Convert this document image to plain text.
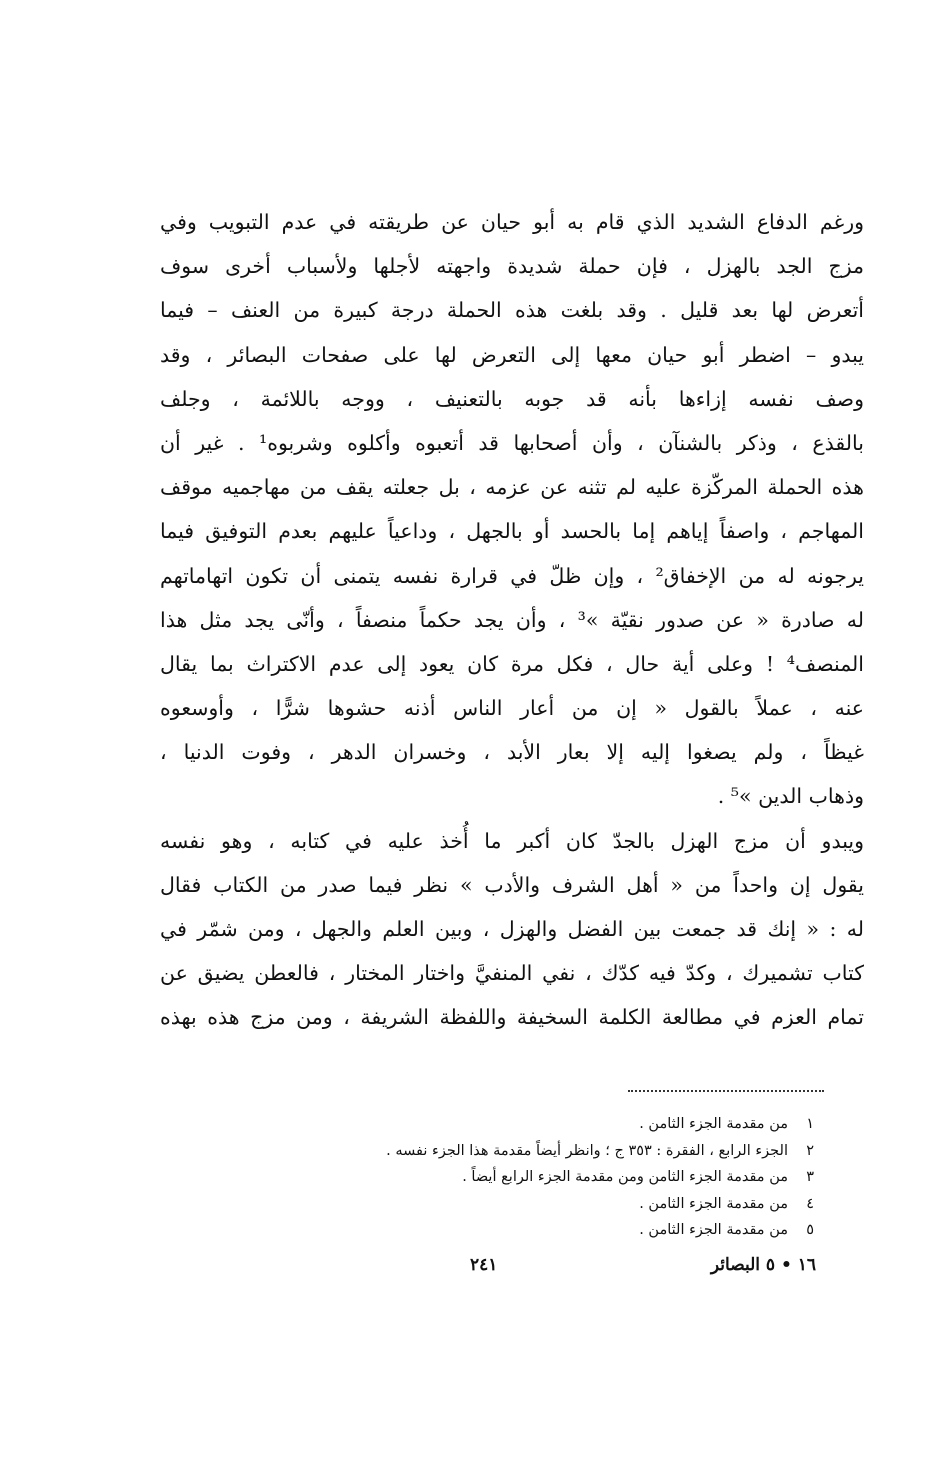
ورغم الدفاع الشديد الذي قام به أبو حيان عن طريقته في عدم التبويب وفي
مزج الجد بالهزل ، فإن حملة شديدة واجهته لأجلها ولأسباب أخرى سوف
أتعرض لها بعد قليل . وقد بلغت هذه الحملة درجة كبيرة من العنف – فيما
يبدو – اضطر أبو حيان معها إلى التعرض لها على صفحات البصائر ، وقد
وصف نفسه إزاءها بأنه قد جوبه بالتعنيف ، ووجه باللائمة ، وجلف
بالقذع ، وذكر بالشنآن ، وأن أصحابها قد أتعبوه وأكلوه وشربوه¹ . غير أن
هذه الحملة المركّزة عليه لم تثنه عن عزمه ، بل جعلته يقف من مهاجميه موقف
المهاجم ، واصفاً إياهم إما بالحسد أو بالجهل ، وداعياً عليهم بعدم التوفيق فيما
يرجونه له من الإخفاق² ، وإن ظلّ في قرارة نفسه يتمنى أن تكون اتهاماتهم
له صادرة « عن صدور نقيّة »³ ، وأن يجد حكماً منصفاً ، وأنّى يجد مثل هذا
المنصف⁴ ! وعلى أية حال ، فكل مرة كان يعود إلى عدم الاكتراث بما يقال
عنه ، عملاً بالقول « إن من أعار الناس أذنه حشوها شرًّا ، وأوسعوه
غيظاً ، ولم يصغوا إليه إلا بعار الأبد ، وخسران الدهر ، وفوت الدنيا ،
وذهاب الدين »⁵ .
ويبدو أن مزج الهزل بالجدّ كان أكبر ما أُخذ عليه في كتابه ، وهو نفسه
يقول إن واحداً من « أهل الشرف والأدب » نظر فيما صدر من الكتاب فقال
له : « إنك قد جمعت بين الفضل والهزل ، وبين العلم والجهل ، ومن شمّر في
كتاب تشميرك ، وكدّ فيه كدّك ، نفي المنفيَّ واختار المختار ، فالعطن يضيق عن
تمام العزم في مطالعة الكلمة السخيفة واللفظة الشريفة ، ومن مزج هذه بهذه
١
من مقدمة الجزء الثامن .
٢
الجزء الرابع ، الفقرة : ٣٥٣ ج ؛ وانظر أيضاً مقدمة هذا الجزء نفسه .
٣
من مقدمة الجزء الثامن ومن مقدمة الجزء الرابع أيضاً .
٤
من مقدمة الجزء الثامن .
٥
من مقدمة الجزء الثامن .
١٦ • ٥ البصائر
٢٤١
